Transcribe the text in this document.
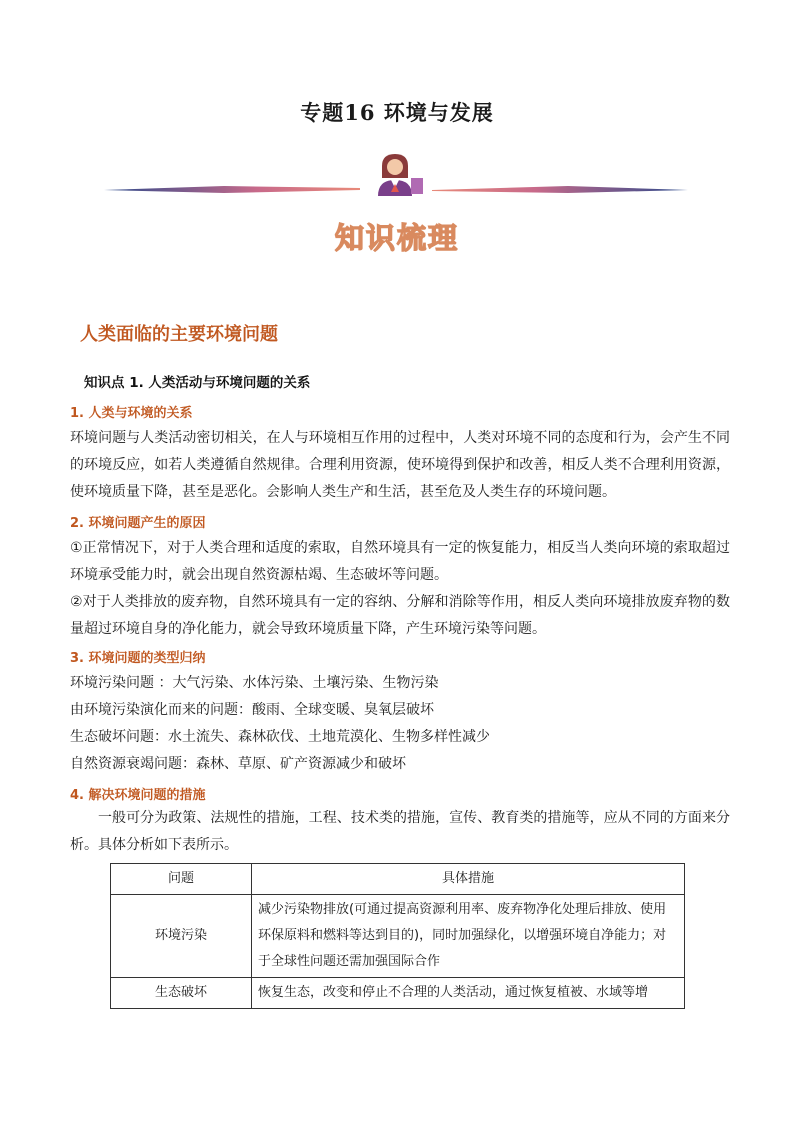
专题16 环境与发展
知识梳理
人类面临的主要环境问题
知识点 1. 人类活动与环境问题的关系
1. 人类与环境的关系
环境问题与人类活动密切相关，在人与环境相互作用的过程中，人类对环境不同的态度和行为，会产生不同的环境反应，如若人类遵循自然规律。合理利用资源，使环境得到保护和改善，相反人类不合理利用资源，使环境质量下降，甚至是恶化。会影响人类生产和生活，甚至危及人类生存的环境问题。
2. 环境问题产生的原因
①正常情况下，对于人类合理和适度的索取，自然环境具有一定的恢复能力，相反当人类向环境的索取超过环境承受能力时，就会出现自然资源枯竭、生态破坏等问题。
②对于人类排放的废弃物，自然环境具有一定的容纳、分解和消除等作用，相反人类向环境排放废弃物的数量超过环境自身的净化能力，就会导致环境质量下降，产生环境污染等问题。
3. 环境问题的类型归纳
环境污染问题 ：大气污染、水体污染、土壤污染、生物污染
由环境污染演化而来的问题：酸雨、全球变暖、臭氧层破坏
生态破坏问题：水土流失、森林砍伐、土地荒漠化、生物多样性减少
自然资源衰竭问题：森林、草原、矿产资源减少和破坏
4. 解决环境问题的措施
一般可分为政策、法规性的措施，工程、技术类的措施，宣传、教育类的措施等，应从不同的方面来分析。具体分析如下表所示。
问题	具体措施
环境污染	减少污染物排放(可通过提高资源利用率、废弃物净化处理后排放、使用环保原料和燃料等达到目的)，同时加强绿化，以增强环境自净能力；对于全球性问题还需加强国际合作
生态破坏	恢复生态，改变和停止不合理的人类活动，通过恢复植被、水域等增
